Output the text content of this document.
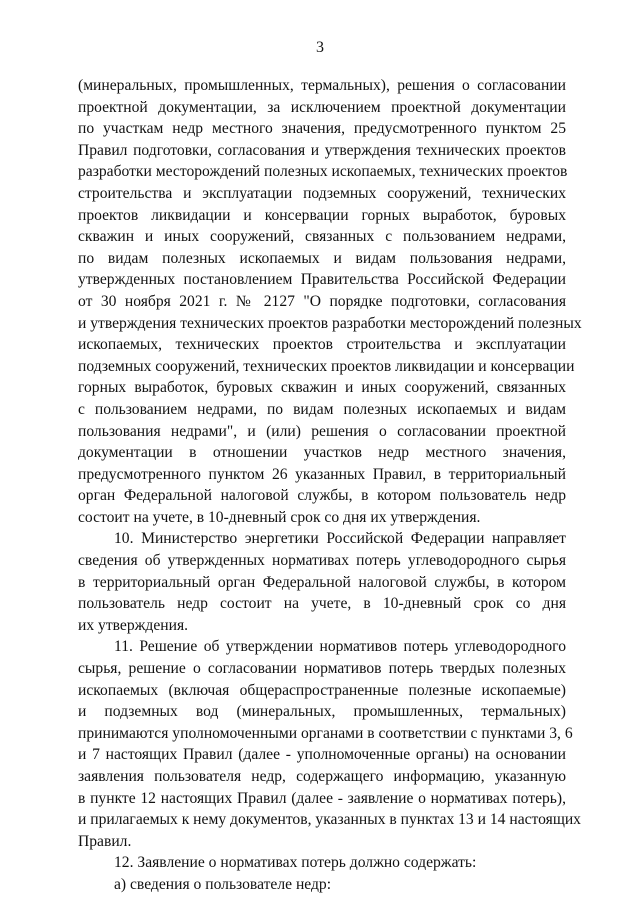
3
(минеральных, промышленных, термальных), решения о согласовании
проектной документации, за исключением проектной документации
по участкам недр местного значения, предусмотренного пунктом 25
Правил подготовки, согласования и утверждения технических проектов
разработки месторождений полезных ископаемых, технических проектов
строительства и эксплуатации подземных сооружений, технических
проектов ликвидации и консервации горных выработок, буровых
скважин и иных сооружений, связанных с пользованием недрами,
по видам полезных ископаемых и видам пользования недрами,
утвержденных постановлением Правительства Российской Федерации
от 30 ноября 2021 г. № 2127 "О порядке подготовки, согласования
и утверждения технических проектов разработки месторождений полезных
ископаемых, технических проектов строительства и эксплуатации
подземных сооружений, технических проектов ликвидации и консервации
горных выработок, буровых скважин и иных сооружений, связанных
с пользованием недрами, по видам полезных ископаемых и видам
пользования недрами", и (или) решения о согласовании проектной
документации в отношении участков недр местного значения,
предусмотренного пунктом 26 указанных Правил, в территориальный
орган Федеральной налоговой службы, в котором пользователь недр
состоит на учете, в 10-дневный срок со дня их утверждения.
10. Министерство энергетики Российской Федерации направляет
сведения об утвержденных нормативах потерь углеводородного сырья
в территориальный орган Федеральной налоговой службы, в котором
пользователь недр состоит на учете, в 10-дневный срок со дня
их утверждения.
11. Решение об утверждении нормативов потерь углеводородного
сырья, решение о согласовании нормативов потерь твердых полезных
ископаемых (включая общераспространенные полезные ископаемые)
и подземных вод (минеральных, промышленных, термальных)
принимаются уполномоченными органами в соответствии с пунктами 3, 6
и 7 настоящих Правил (далее - уполномоченные органы) на основании
заявления пользователя недр, содержащего информацию, указанную
в пункте 12 настоящих Правил (далее - заявление о нормативах потерь),
и прилагаемых к нему документов, указанных в пунктах 13 и 14 настоящих
Правил.
12. Заявление о нормативах потерь должно содержать:
а) сведения о пользователе недр:
